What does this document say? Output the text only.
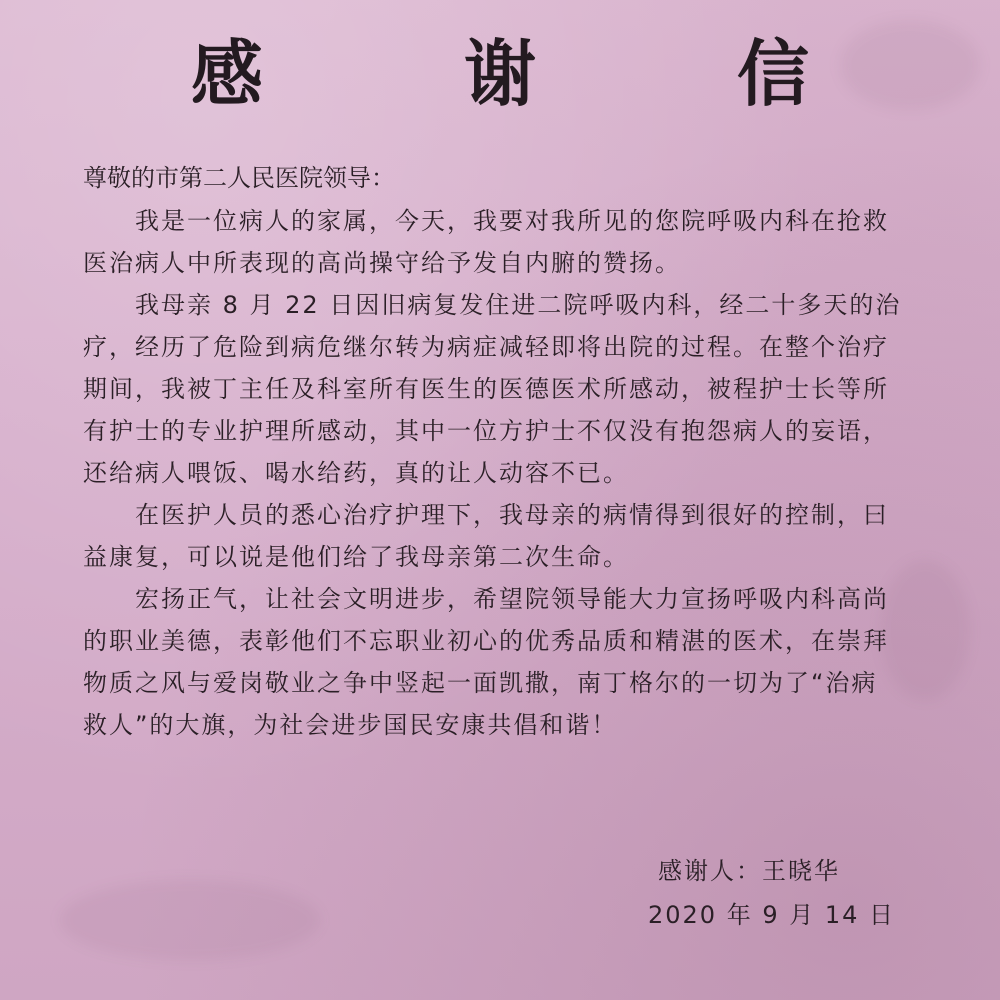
感 谢 信
尊敬的市第二人民医院领导：

我是一位病人的家属，今天，我要对我所见的您院呼吸内科在抢救医治病人中所表现的高尚操守给予发自内腑的赞扬。

我母亲 8 月 22 日因旧病复发住进二院呼吸内科，经二十多天的治疗，经历了危险到病危继尔转为病症减轻即将出院的过程。在整个治疗期间，我被丁主任及科室所有医生的医德医术所感动，被程护士长等所有护士的专业护理所感动，其中一位方护士不仅没有抱怨病人的妄语，还给病人喂饭、喝水给药，真的让人动容不已。

在医护人员的悉心治疗护理下，我母亲的病情得到很好的控制，曰益康复，可以说是他们给了我母亲第二次生命。

宏扬正气，让社会文明进步，希望院领导能大力宣扬呼吸内科高尚的职业美德，表彰他们不忘职业初心的优秀品质和精湛的医术，在崇拜物质之风与爱岗敬业之争中竖起一面凯撒，南丁格尔的一切为了“治病救人”的大旗，为社会进步国民安康共倡和谐！

感谢人：王晓华
2020 年 9 月 14 日
